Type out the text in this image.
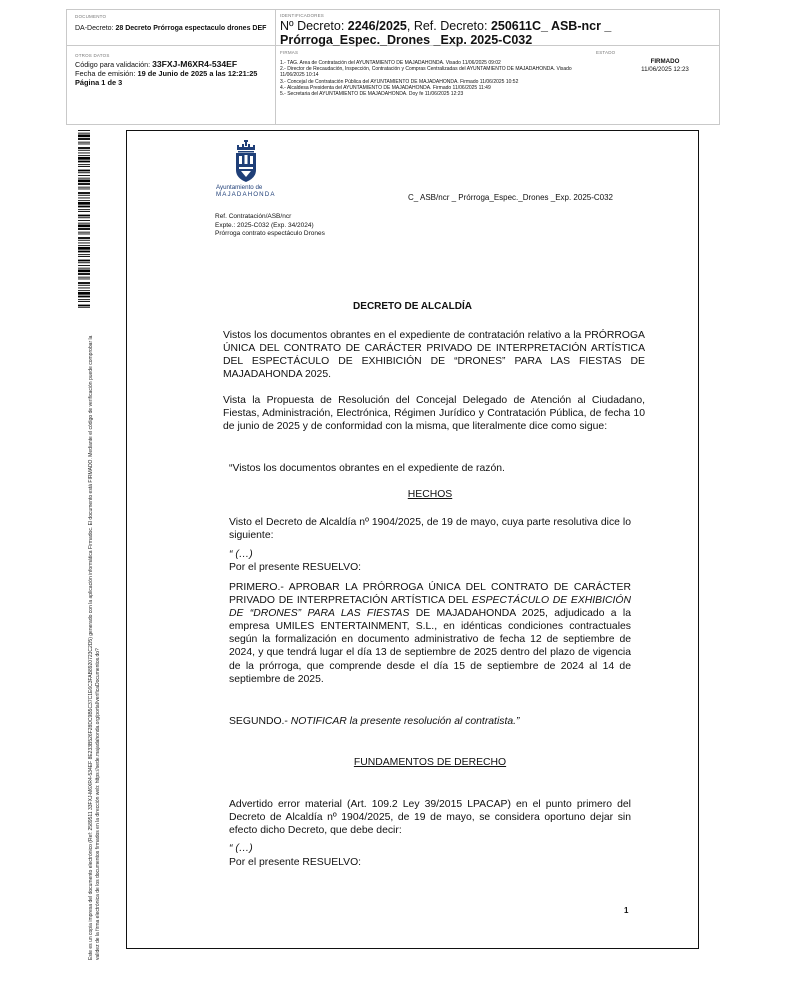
DOCUMENTO
DA-Decreto: 28 Decreto Prórroga espectaculo drones DEF
IDENTIFICADORES
Nº Decreto: 2246/2025, Ref. Decreto: 250611C_ ASB-ncr _ Prórroga_Espec._Drones _Exp. 2025-C032
OTROS DATOS
Código para validación: 33FXJ-M6XR4-534EF
Fecha de emisión: 19 de Junio de 2025 a las 12:21:25
Página 1 de 3
FIRMAS
1.- TAG. Area de Contratación del AYUNTAMIENTO DE MAJADAHONDA. Visado 11/06/2025 09:02
2.- Director de Recaudación, Inspección, Contratación y Compras Centralizadas del AYUNTAMIENTO DE MAJADAHONDA. Visado 11/06/2025 10:14
3.- Concejal de Contratación Pública del AYUNTAMIENTO DE MAJADAHONDA. Firmado 11/06/2025 10:52
4.- Alcaldesa Presidenta del AYUNTAMIENTO DE MAJADAHONDA. Firmado 11/06/2025 11:49
5.- Secretaria del AYUNTAMIENTO DE MAJADAHONDA. Doy fe 11/06/2025 12:23
ESTADO
FIRMADO
11/06/2025 12:23
Este es un copia impresa del documento electrónico (Ref: 2589511 33FXJ-M6XR4-534EF 8E233B526F28DC9B5C37C1E6C3FAB8920723C2D5) generado con la aplicación informática Firmadoc. El documento está FIRMADO. Mediante el código de verificación puede comprobar la validez de la firma electrónica de los documentos firmados en la dirección web: https://sede.majadahonda.org/portal/verificaDocumentos.do?
Ayuntamiento de
MAJADAHONDA	C_ ASB/ncr _ Prórroga_Espec._Drones _Exp. 2025-C032
Ref. Contratación/ASB/ncr
Expte.: 2025-C032 (Exp. 34/2024)
Prórroga contrato espectáculo Drones
DECRETO DE ALCALDÍA
Vistos los documentos obrantes en el expediente de contratación relativo a la PRÓRROGA ÚNICA DEL CONTRATO DE CARÁCTER PRIVADO DE INTERPRETACIÓN ARTÍSTICA DEL ESPECTÁCULO DE EXHIBICIÓN DE “DRONES” PARA LAS FIESTAS DE MAJADAHONDA 2025.
Vista la Propuesta de Resolución del Concejal Delegado de Atención al Ciudadano, Fiestas, Administración, Electrónica, Régimen Jurídico y Contratación Pública, de fecha 10 de junio de 2025 y de conformidad con la misma, que literalmente dice como sigue:
“Vistos los documentos obrantes en el expediente de razón.
HECHOS
Visto el Decreto de Alcaldía nº 1904/2025, de 19 de mayo, cuya parte resolutiva dice lo siguiente:
“ (…)
Por el presente RESUELVO:
PRIMERO.- APROBAR LA PRÓRROGA ÚNICA DEL CONTRATO DE CARÁCTER PRIVADO DE INTERPRETACIÓN ARTÍSTICA DEL ESPECTÁCULO DE EXHIBICIÓN DE “DRONES” PARA LAS FIESTAS DE MAJADAHONDA 2025, adjudicado a la empresa UMILES ENTERTAINMENT, S.L., en idénticas condiciones contractuales según la formalización en documento administrativo de fecha 12 de septiembre de 2024, y que tendrá lugar el día 13 de septiembre de 2025 dentro del plazo de vigencia de la prórroga, que comprende desde el día 15 de septiembre de 2024 al 14 de septiembre de 2025.
SEGUNDO.- NOTIFICAR la presente resolución al contratista.”
FUNDAMENTOS DE DERECHO
Advertido error material (Art. 109.2 Ley 39/2015 LPACAP) en el punto primero del Decreto de Alcaldía nº 1904/2025, de 19 de mayo, se considera oportuno dejar sin efecto dicho Decreto, que debe decir:
“ (…)
Por el presente RESUELVO:
1
